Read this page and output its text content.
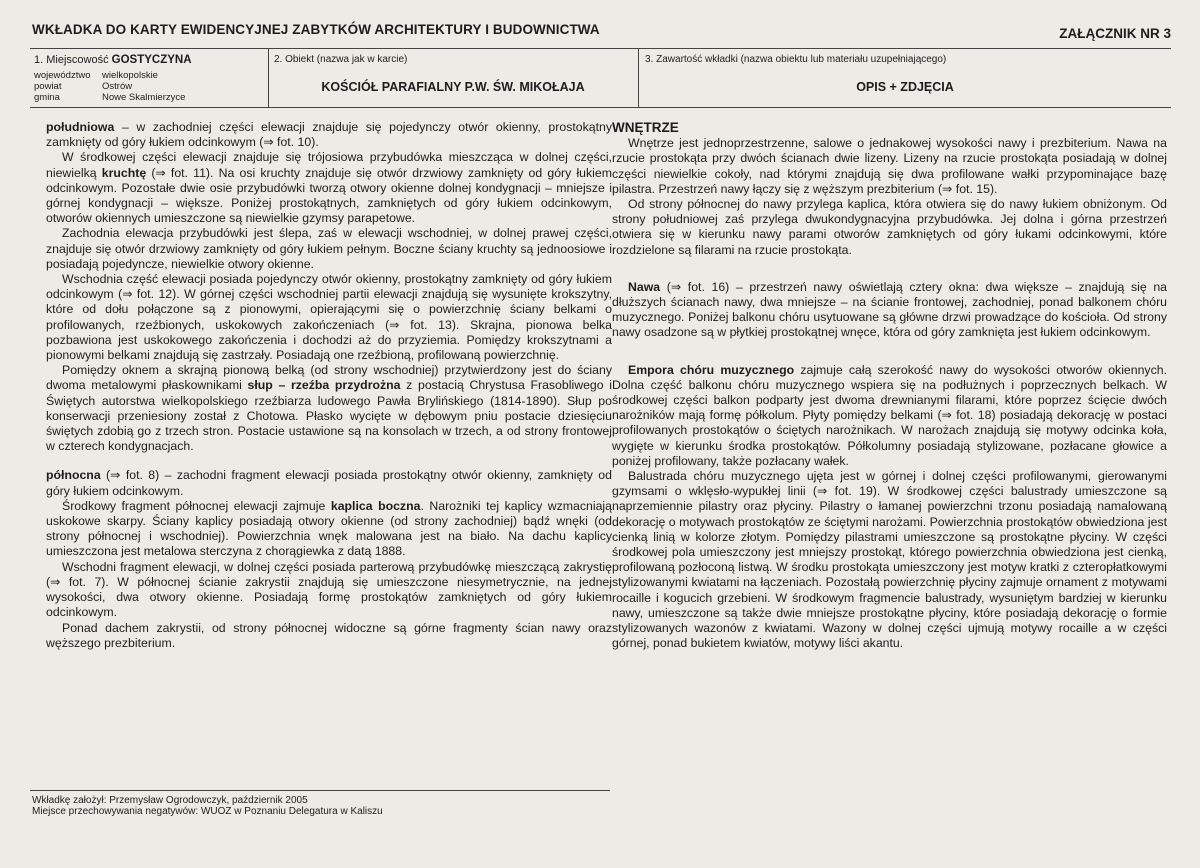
WKŁADKA DO KARTY EWIDENCYJNEJ ZABYTKÓW ARCHITEKTURY I BUDOWNICTWA	ZAŁĄCZNIK NR 3
1. Miejscowość GOSTYCZYNA
województwo wielkopolskie
powiat	Ostrów
gmina	Nowe Skalmierzyce
2. Obiekt (nazwa jak w karcie)
KOŚCIÓŁ PARAFIALNY P.W. ŚW. MIKOŁAJA
3. Zawartość wkładki (nazwa obiektu lub materiału uzupełniającego)
OPIS + ZDJĘCIA

południowa – w zachodniej części elewacji znajduje się pojedynczy otwór okienny, prostokątny zamknięty od góry łukiem odcinkowym (⇒ fot. 10).

W środkowej części elewacji znajduje się trójosiowa przybudówka mieszcząca w dolnej części, niewielką kruchtę (⇒ fot. 11). Na osi kruchty znajduje się otwór drzwiowy zamknięty od góry łukiem odcinkowym. Pozostałe dwie osie przybudówki tworzą otwory okienne dolnej kondygnacji – mniejsze i górnej kondygnacji – większe. Poniżej prostokątnych, zamkniętych od góry łukiem odcinkowym, otworów okiennych umieszczone są niewielkie gzymsy parapetowe.

Zachodnia elewacja przybudówki jest ślepa, zaś w elewacji wschodniej, w dolnej prawej części, znajduje się otwór drzwiowy zamknięty od góry łukiem pełnym. Boczne ściany kruchty są jednoosiowe i posiadają pojedyncze, niewielkie otwory okienne.

Wschodnia część elewacji posiada pojedynczy otwór okienny, prostokątny zamknięty od góry łukiem odcinkowym (⇒ fot. 12). W górnej części wschodniej partii elewacji znajdują się wysunięte krokszytny, które od dołu połączone są z pionowymi, opierającymi się o powierzchnię ściany belkami o profilowanych, rzeźbionych, uskokowych zakończeniach (⇒ fot. 13). Skrajna, pionowa belka pozbawiona jest uskokowego zakończenia i dochodzi aż do przyziemia. Pomiędzy krokszytnami a pionowymi belkami znajdują się zastrzały. Posiadają one rzeźbioną, profilowaną powierzchnię.

Pomiędzy oknem a skrajną pionową belką (od strony wschodniej) przytwierdzony jest do ściany dwoma metalowymi płaskownikami słup – rzeźba przydrożna z postacią Chrystusa Frasobliwego i Świętych autorstwa wielkopolskiego rzeźbiarza ludowego Pawła Brylińskiego (1814-1890). Słup po konserwacji przeniesiony został z Chotowa. Płasko wycięte w dębowym pniu postacie dziesięciu świętych zdobią go z trzech stron. Postacie ustawione są na konsolach w trzech, a od strony frontowej w czterech kondygnacjach.

północna (⇒ fot. 8) – zachodni fragment elewacji posiada prostokątny otwór okienny, zamknięty od góry łukiem odcinkowym.

Środkowy fragment północnej elewacji zajmuje kaplica boczna. Narożniki tej kaplicy wzmacniają uskokowe skarpy. Ściany kaplicy posiadają otwory okienne (od strony zachodniej) bądź wnęki (od strony północnej i wschodniej). Powierzchnia wnęk malowana jest na biało. Na dachu kaplicy umieszczona jest metalowa sterczyna z chorągiewka z datą 1888.

Wschodni fragment elewacji, w dolnej części posiada parterową przybudówkę mieszczącą zakrystię (⇒ fot. 7). W północnej ścianie zakrystii znajdują się umieszczone niesymetrycznie, na jednej wysokości, dwa otwory okienne. Posiadają formę prostokątów zamkniętych od góry łukiem odcinkowym.

Ponad dachem zakrystii, od strony północnej widoczne są górne fragmenty ścian nawy oraz węższego prezbiterium.

WNĘTRZE

Wnętrze jest jednoprzestrzenne, salowe o jednakowej wysokości nawy i prezbiterium. Nawa na rzucie prostokąta przy dwóch ścianach dwie lizeny. Lizeny na rzucie prostokąta posiadają w dolnej części niewielkie cokoły, nad którymi znajdują się dwa profilowane wałki przypominające bazę pilastra. Przestrzeń nawy łączy się z węższym prezbiterium (⇒ fot. 15).

Od strony północnej do nawy przylega kaplica, która otwiera się do nawy łukiem obniżonym. Od strony południowej zaś przylega dwukondygnacyjna przybudówka. Jej dolna i górna przestrzeń otwiera się w kierunku nawy parami otworów zamkniętych od góry łukami odcinkowymi, które rozdzielone są filarami na rzucie prostokąta.

Nawa (⇒ fot. 16) – przestrzeń nawy oświetlają cztery okna: dwa większe – znajdują się na dłuższych ścianach nawy, dwa mniejsze – na ścianie frontowej, zachodniej, ponad balkonem chóru muzycznego. Poniżej balkonu chóru usytuowane są główne drzwi prowadzące do kościoła. Od strony nawy osadzone są w płytkiej prostokątnej wnęce, która od góry zamknięta jest łukiem odcinkowym.

Empora chóru muzycznego zajmuje całą szerokość nawy do wysokości otworów okiennych. Dolna część balkonu chóru muzycznego wspiera się na podłużnych i poprzecznych belkach. W środkowej części balkon podparty jest dwoma drewnianymi filarami, które poprzez ścięcie dwóch narożników mają formę półkolum. Płyty pomiędzy belkami (⇒ fot. 18) posiadają dekorację w postaci profilowanych prostokątów o ściętych narożnikach. W narożach znajdują się motywy odcinka koła, wygięte w kierunku środka prostokątów. Półkolumny posiadają stylizowane, pozłacane głowice a poniżej profilowany, także pozłacany wałek.

Balustrada chóru muzycznego ujęta jest w górnej i dolnej części profilowanymi, gierowanymi gzymsami o wklęsło-wypukłej linii (⇒ fot. 19). W środkowej części balustrady umieszczone są naprzemiennie pilastry oraz płyciny. Pilastry o łamanej powierzchni trzonu posiadają namalowaną dekorację o motywach prostokątów ze ściętymi narożami. Powierzchnia prostokątów obwiedziona jest cienką linią w kolorze złotym. Pomiędzy pilastrami umieszczone są prostokątne płyciny. W części środkowej pola umieszczony jest mniejszy prostokąt, którego powierzchnia obwiedziona jest cienką, profilowaną pozłoconą listwą. W środku prostokąta umieszczony jest motyw kratki z czteropłatkowymi stylizowanymi kwiatami na łączeniach. Pozostałą powierzchnię płyciny zajmuje ornament z motywami rocaille i kogucich grzebieni. W środkowym fragmencie balustrady, wysuniętym bardziej w kierunku nawy, umieszczone są także dwie mniejsze prostokątne płyciny, które posiadają dekorację o formie stylizowanych wazonów z kwiatami. Wazony w dolnej części ujmują motywy rocaille a w części górnej, ponad bukietem kwiatów, motywy liści akantu.

Wkładkę założył: Przemysław Ogrodowczyk, październik 2005
Miejsce przechowywania negatywów: WUOZ w Poznaniu Delegatura w Kaliszu
